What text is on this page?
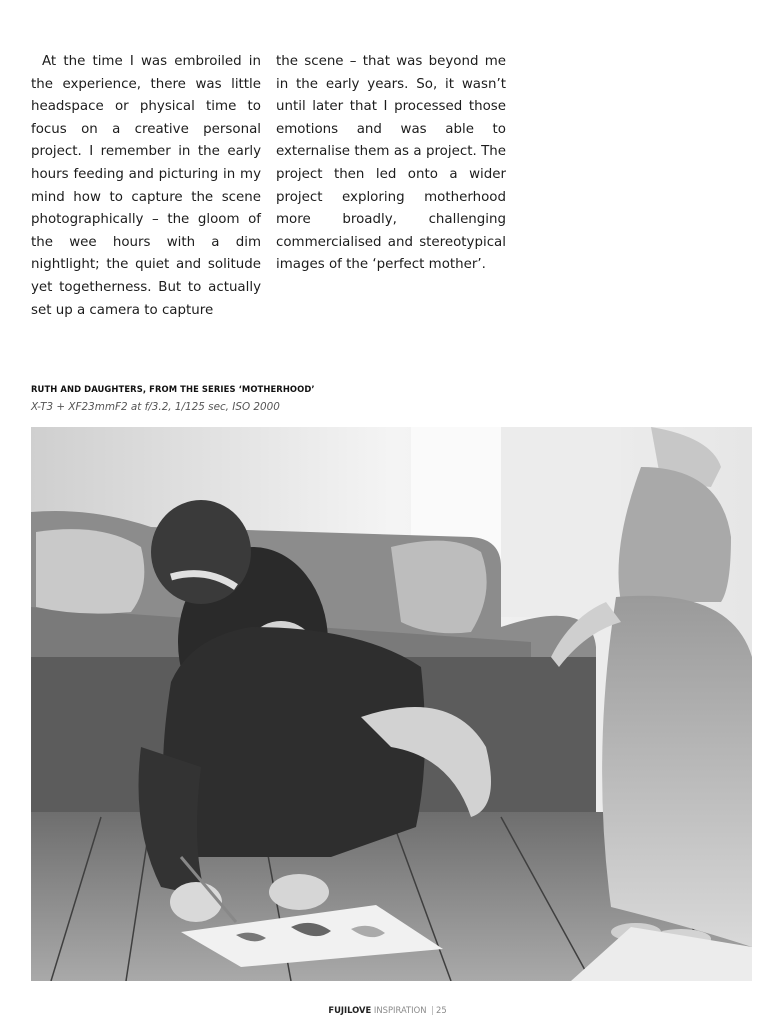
At the time I was embroiled in the experience, there was little headspace or physical time to focus on a creative personal project. I remember in the early hours feeding and picturing in my mind how to capture the scene photographically – the gloom of the wee hours with a dim nightlight; the quiet and solitude yet togetherness. But to actually set up a camera to capture

the scene – that was beyond me in the early years. So, it wasn’t until later that I processed those emotions and was able to externalise them as a project. The project then led onto a wider project exploring motherhood more broadly, challenging commercialised and stereotypical images of the ‘perfect mother’.

RUTH AND DAUGHTERS, FROM THE SERIES ‘MOTHERHOOD’
X-T3 + XF23mmF2 at f/3.2, 1/125 sec, ISO 2000
FUJILOVE INSPIRATION | 25
